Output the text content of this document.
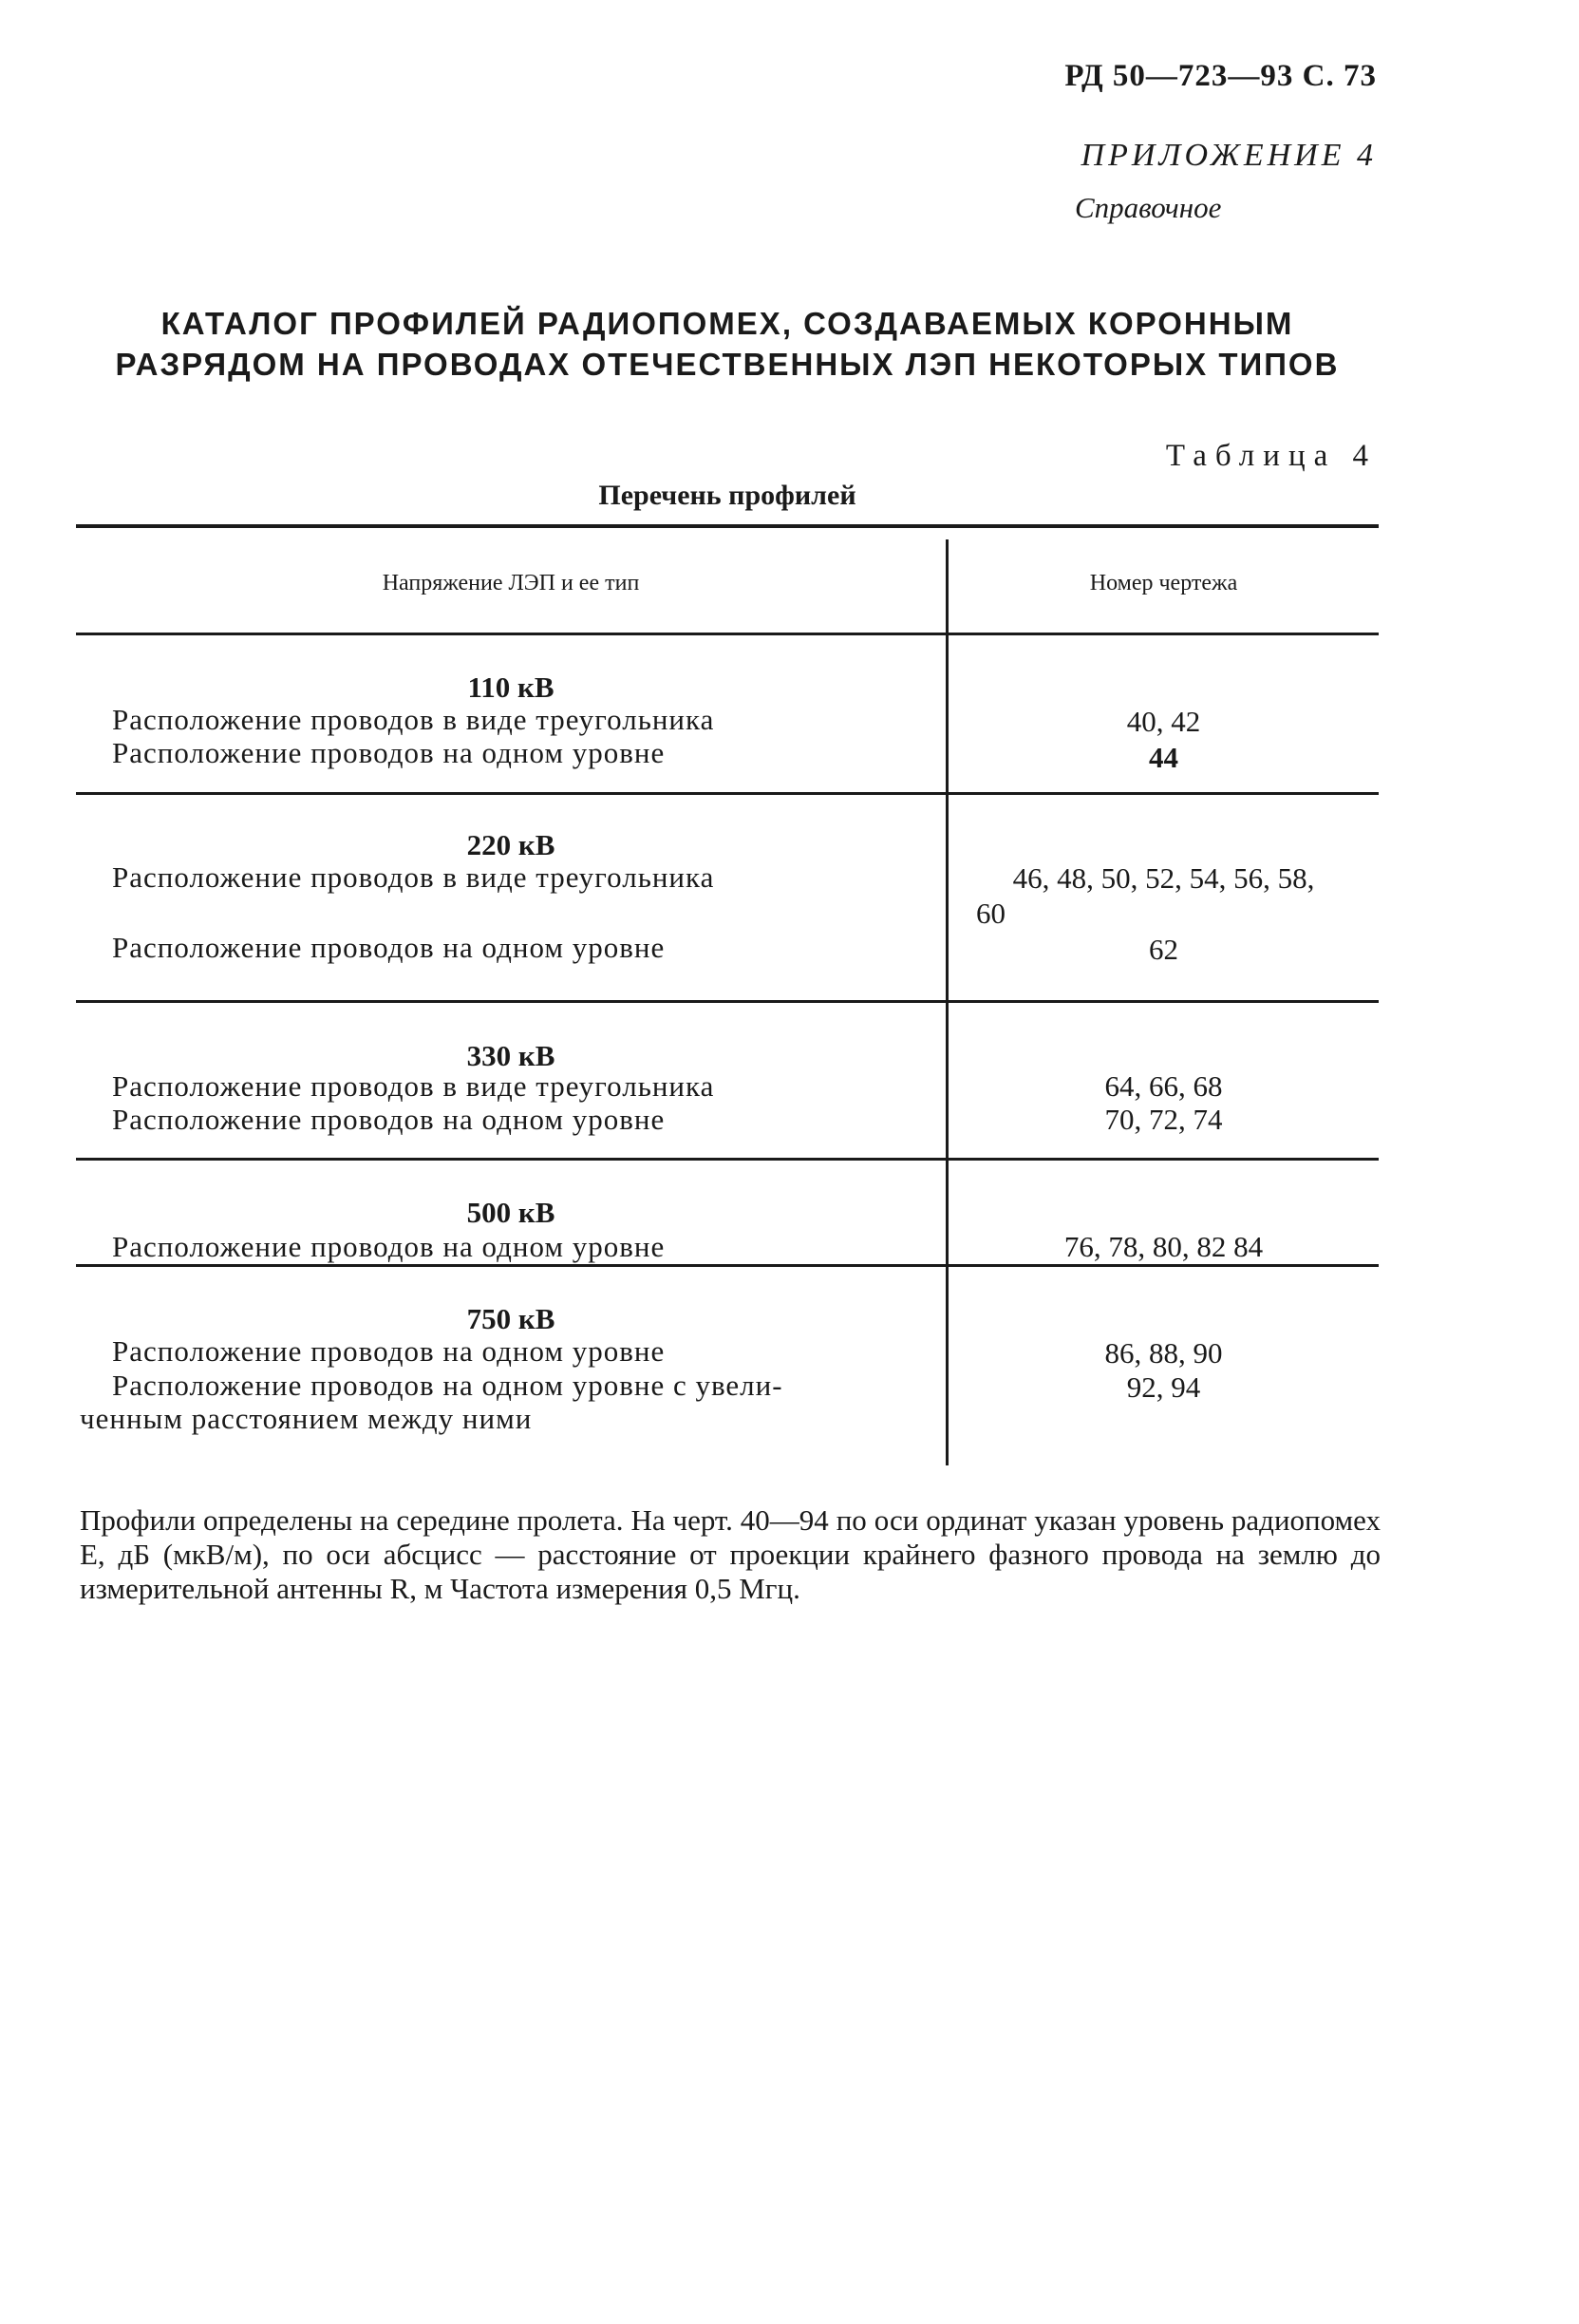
РД 50—723—93 С. 73
ПРИЛОЖЕНИЕ 4
Справочное
КАТАЛОГ ПРОФИЛЕЙ РАДИОПОМЕХ, СОЗДАВАЕМЫХ КОРОННЫМ
РАЗРЯДОМ НА ПРОВОДАХ ОТЕЧЕСТВЕННЫХ ЛЭП НЕКОТОРЫХ ТИПОВ
Таблица 4
Перечень профилей
Напряжение ЛЭП и ее тип	Номер чертежа
110 кВ
Расположение проводов в виде треугольника	40, 42
Расположение проводов на одном уровне	44
220 кВ
Расположение проводов в виде треугольника	46, 48, 50, 52, 54, 56, 58,
60
Расположение проводов на одном уровне	62
330 кВ
Расположение проводов в виде треугольника	64, 66, 68
Расположение проводов на одном уровне	70, 72, 74
500 кВ
Расположение проводов на одном уровне	76, 78, 80, 82 84
750 кВ
Расположение проводов на одном уровне	86, 88, 90
Расположение проводов на одном уровне с увели-	92, 94
ченным расстоянием между ними
Профили определены на середине пролета. На черт. 40—94 по оси ординат указан уровень радиопомех E, дБ (мкВ/м), по оси абсцисс — расстояние от проекции крайнего фазного провода на землю до измерительной антенны R, м Частота измерения 0,5 Мгц.
